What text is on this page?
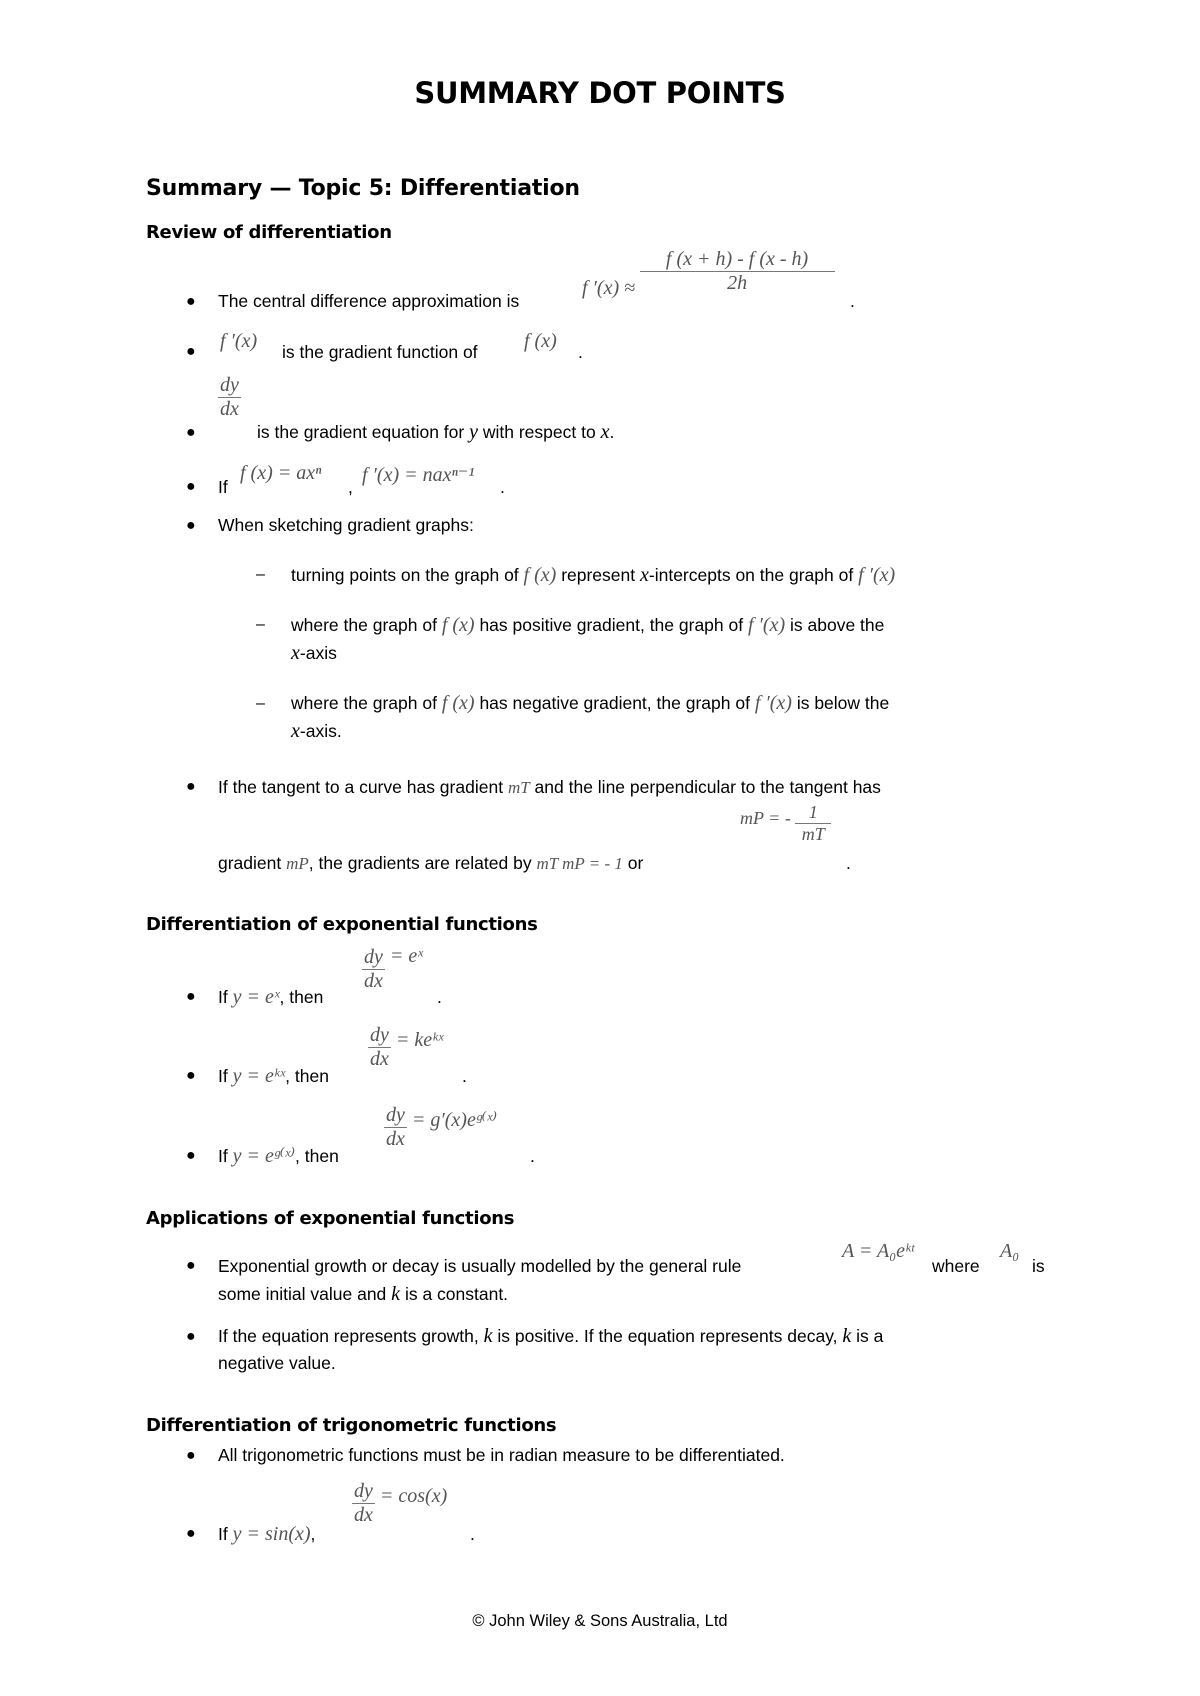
SUMMARY DOT POINTS
Summary — Topic 5: Differentiation
Review of differentiation
● The central difference approximation is
f $'(x) \approx \frac{f (x + h) - f (x - h)}{2h}$
.
● f ′(x) is the gradient function of f (x) .
●
$\frac{dy}{dx}$
is the gradient equation for y with respect to x.
● If
f (x) = axⁿ
,
f ′(x) = naxⁿ⁻¹
.
● When sketching gradient graphs:
– turning points on the graph of f (x) represent x-intercepts on the graph of f ′(x)
– where the graph of f (x) has positive gradient, the graph of f ′(x) is above the
x-axis
– where the graph of f (x) has negative gradient, the graph of f ′(x) is below the
x-axis.
● If the tangent to a curve has gradient mT and the line perpendicular to the tangent has
gradient mP, the gradients are related by mT mP = - 1 or
mP = - $\frac{1}{mT}$
.
Differentiation of exponential functions
● If y = eˣ, then
$\frac{dy}{dx}$ = eˣ
.
● If y = eᵏˣ, then
$\frac{dy}{dx}$ = keᵏˣ
.
● If y = eᵍ⁽ˣ⁾, then
$\frac{dy}{dx}$ = g′(x)eᵍ⁽ˣ⁾
.
Applications of exponential functions
● Exponential growth or decay is usually modelled by the general rule
A = A₀eᵏᵗ
where
A₀
is
some initial value and k is a constant.
● If the equation represents growth, k is positive. If the equation represents decay, k is a
negative value.
Differentiation of trigonometric functions
● All trigonometric functions must be in radian measure to be differentiated.
● If y = sin(x),
$\frac{dy}{dx} = \cos(x)$
.
© John Wiley & Sons Australia, Ltd
